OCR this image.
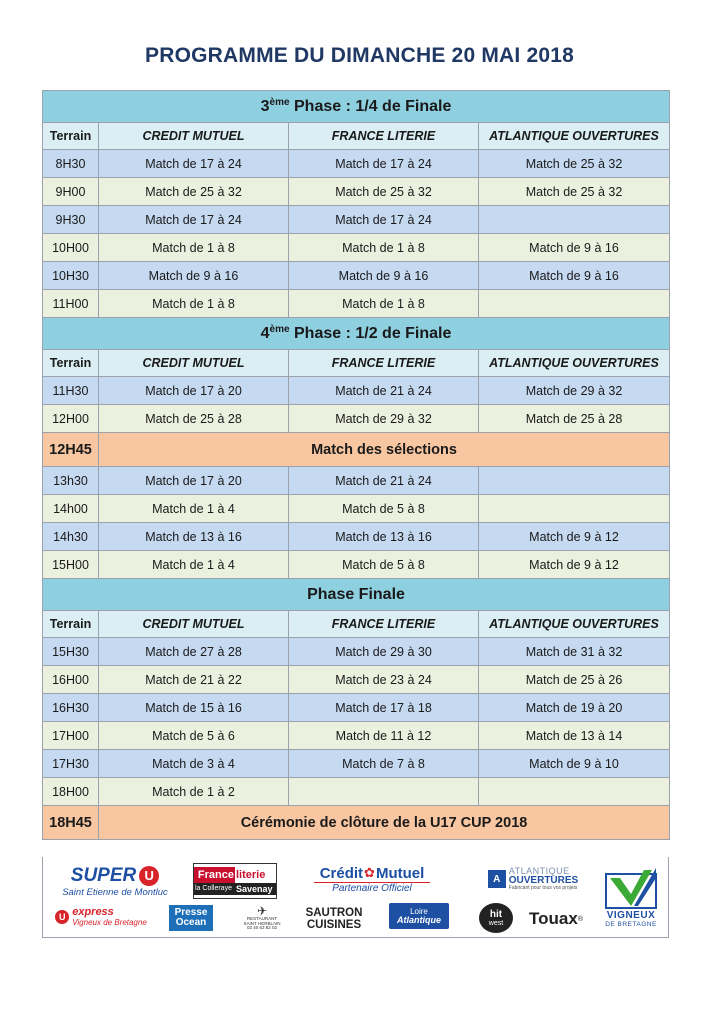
PROGRAMME DU DIMANCHE 20 MAI 2018
3ème Phase : 1/4 de Finale			
Terrain	CREDIT MUTUEL	FRANCE LITERIE	ATLANTIQUE OUVERTURES
8H30	Match de 17 à 24	Match de 17 à 24	Match de 25 à 32
9H00	Match de 25 à 32	Match de 25 à 32	Match de 25 à 32
9H30	Match de 17 à 24	Match de 17 à 24	
10H00	Match de 1 à 8	Match de 1 à 8	Match de 9 à 16
10H30	Match de 9 à 16	Match de 9 à 16	Match de 9 à 16
11H00	Match de 1 à 8	Match de 1 à 8	
4ème Phase : 1/2 de Finale			
Terrain	CREDIT MUTUEL	FRANCE LITERIE	ATLANTIQUE OUVERTURES
11H30	Match de 17 à 20	Match de 21 à 24	Match de 29 à 32
12H00	Match de 25 à 28	Match de 29 à 32	Match de 25 à 28
12H45	Match des sélections		
13h30	Match de 17 à 20	Match de 21 à 24	
14h00	Match de 1 à 4	Match de 5 à 8	
14h30	Match de 13 à 16	Match de 13 à 16	Match de 9 à 12
15H00	Match de 1 à 4	Match de 5 à 8	Match de 9 à 12
Phase Finale			
Terrain	CREDIT MUTUEL	FRANCE LITERIE	ATLANTIQUE OUVERTURES
15H30	Match de 27 à 28	Match de 29 à 30	Match de 31 à 32
16H00	Match de 21 à 22	Match de 23 à 24	Match de 25 à 26
16H30	Match de 15 à 16	Match de 17 à 18	Match de 19 à 20
17H00	Match de 5 à 6	Match de 11 à 12	Match de 13 à 14
17H30	Match de 3 à 4	Match de 7 à 8	Match de 9 à 10
18H00	Match de 1 à 2		
18H45	Cérémonie de clôture de la U17 CUP 2018		
SUPER U
Saint Etienne de Montluc
France literie
la Colleraye Savenay
Crédit ✿ Mutuel
Partenaire Officiel
A
ATLANTIQUE
OUVERTURES
Fabricant pour tous vos projets
VIGNEUX
DE BRETAGNE
U express
Vigneux de Bretagne
Presse
Ocean
✈
RESTAURANT
SAINT HERBLAIN
02 40 63 82 02
SAUTRON
CUISINES
Loire
Atlantique	hit
west Touax ®
